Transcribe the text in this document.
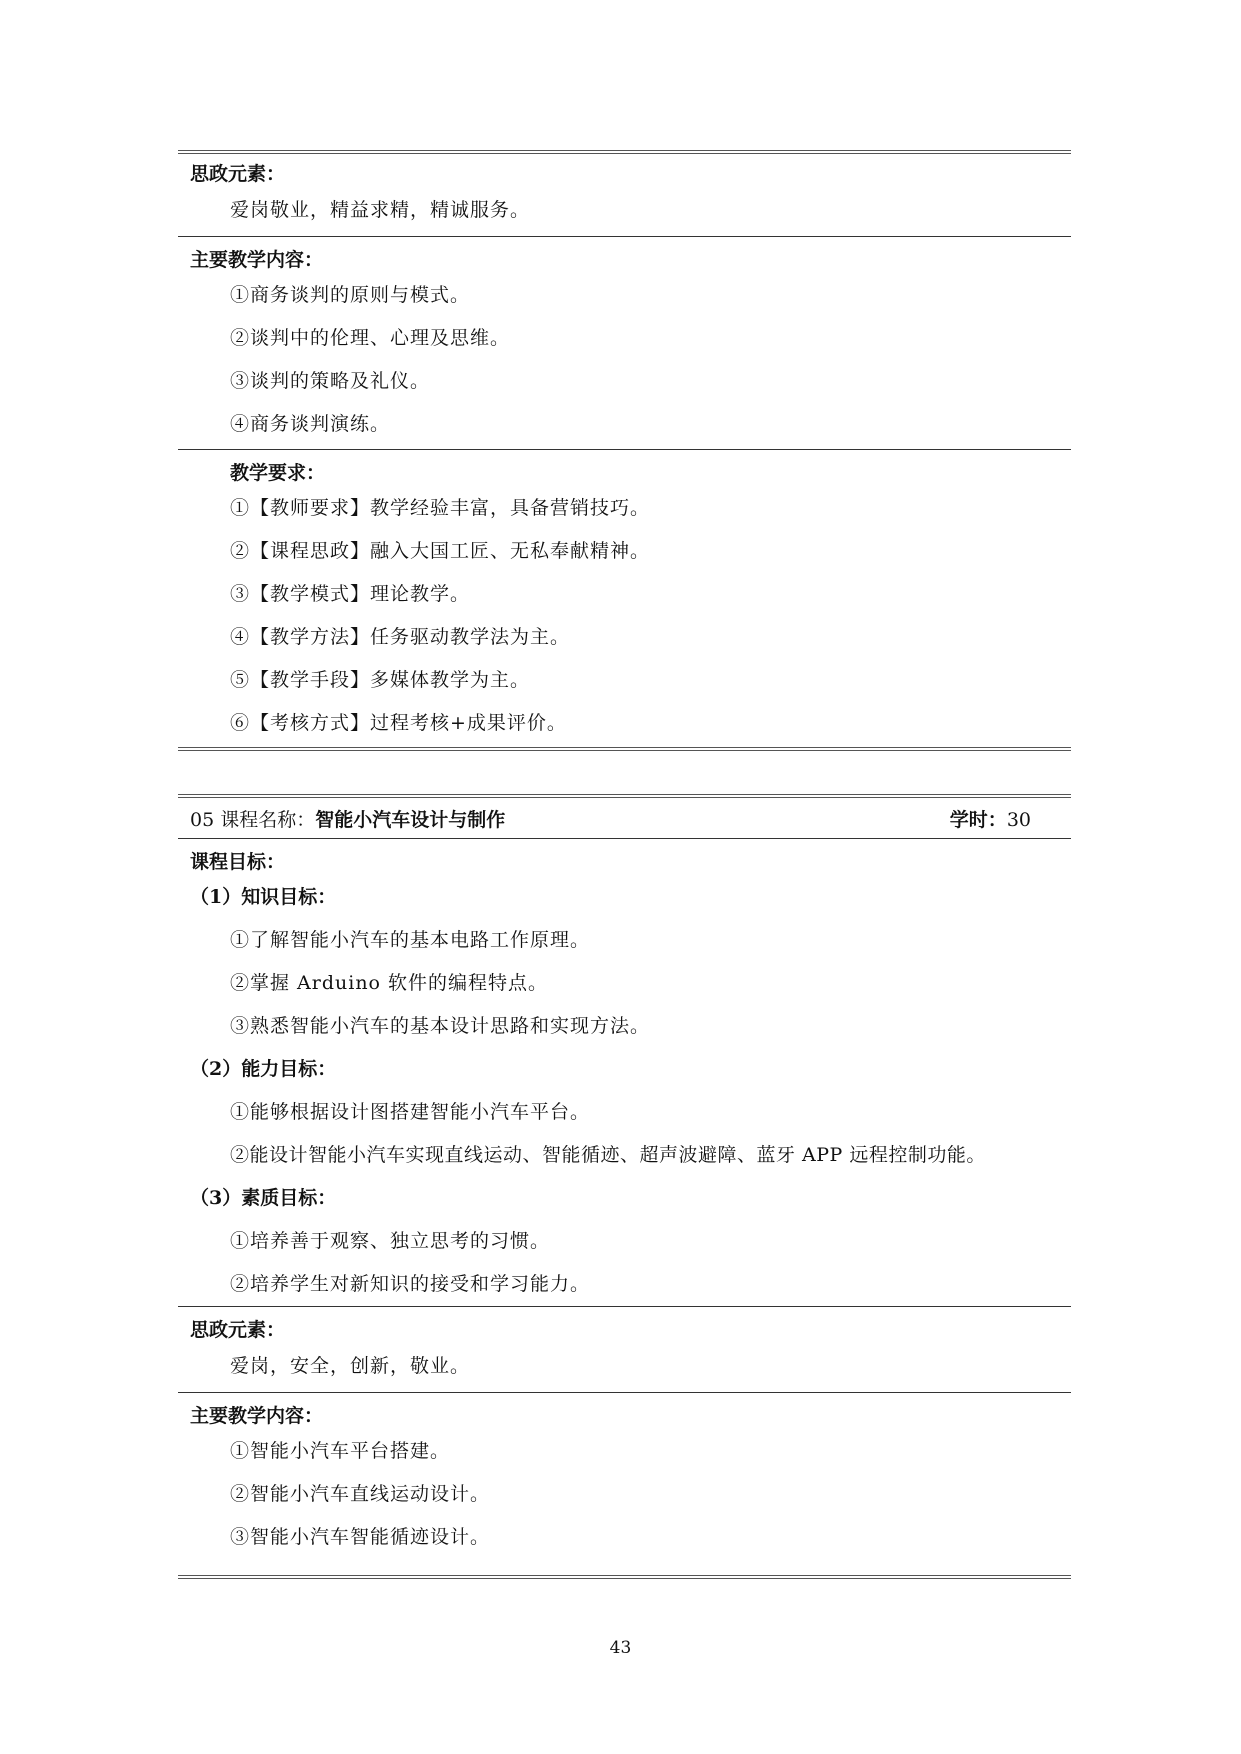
思政元素：
爱岗敬业，精益求精，精诚服务。
主要教学内容：
①商务谈判的原则与模式。
②谈判中的伦理、心理及思维。
③谈判的策略及礼仪。
④商务谈判演练。
教学要求：
①【教师要求】教学经验丰富，具备营销技巧。
②【课程思政】融入大国工匠、无私奉献精神。
③【教学模式】理论教学。
④【教学方法】任务驱动教学法为主。
⑤【教学手段】多媒体教学为主。
⑥【考核方式】过程考核+成果评价。
05 课程名称：智能小汽车设计与制作	学时：30
课程目标：
（1）知识目标：
①了解智能小汽车的基本电路工作原理。
②掌握 Arduino 软件的编程特点。
③熟悉智能小汽车的基本设计思路和实现方法。
（2）能力目标：
①能够根据设计图搭建智能小汽车平台。
②能设计智能小汽车实现直线运动、智能循迹、超声波避障、蓝牙 APP 远程控制功能。
（3）素质目标：
①培养善于观察、独立思考的习惯。
②培养学生对新知识的接受和学习能力。
思政元素：
爱岗，安全，创新，敬业。
主要教学内容：
①智能小汽车平台搭建。
②智能小汽车直线运动设计。
③智能小汽车智能循迹设计。
43
